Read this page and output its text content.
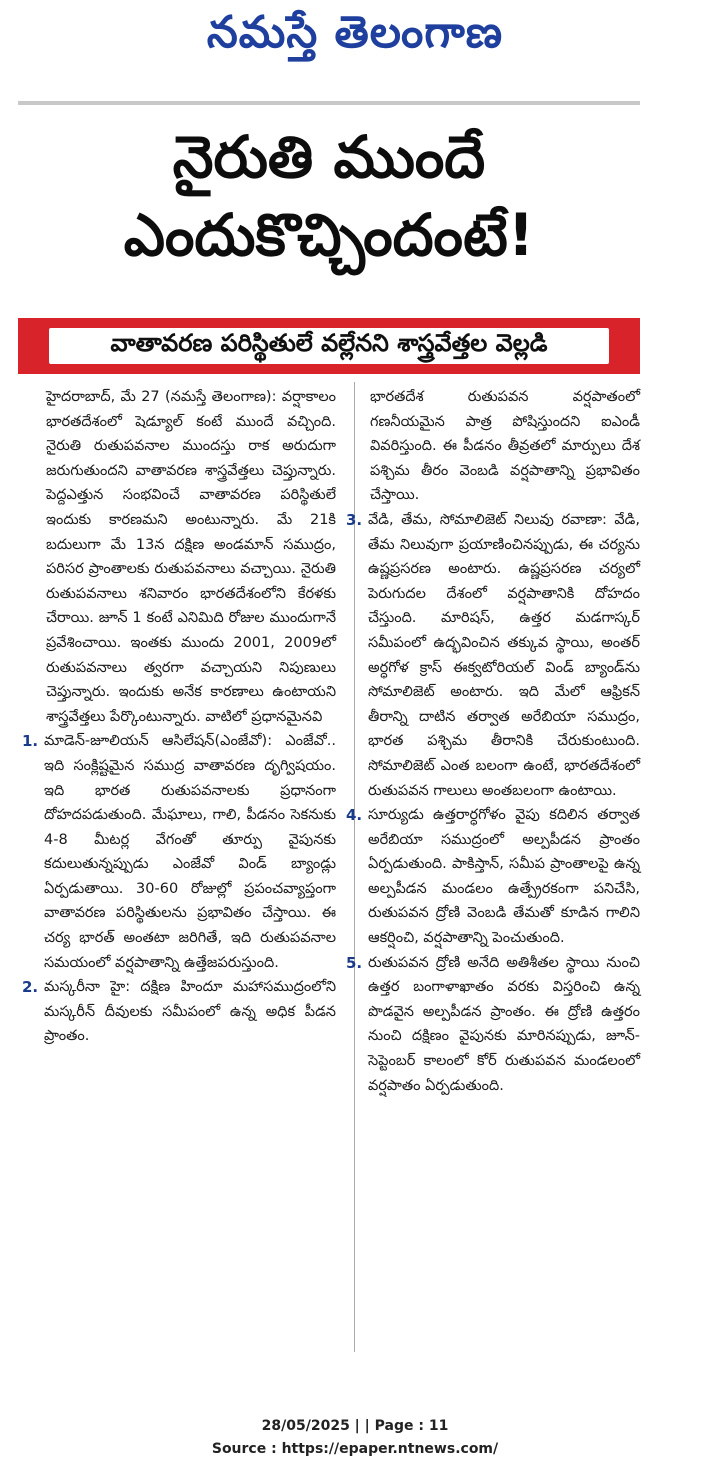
నమస్తే తెలంగాణ
నైరుతి ముందే
ఎందుకొచ్చిందంటే!
వాతావరణ పరిస్థితులే వల్లేనని శాస్త్రవేత్తల వెల్లడి

హైదరాబాద్, మే 27 (నమస్తే తెలంగాణ): వర్షాకాలం భారతదేశంలో షెడ్యూల్ కంటే ముందే వచ్చింది. నైరుతి రుతుపవనాల ముందస్తు రాక అరుదుగా జరుగుతుందని వాతావరణ శాస్త్రవేత్తలు చెప్తున్నారు. పెద్దఎత్తున సంభవించే వాతావరణ పరిస్థితులే ఇందుకు కారణమని అంటున్నారు. మే 21కి బదులుగా మే 13న దక్షిణ అండమాన్ సముద్రం, పరిసర ప్రాంతాలకు రుతుపవనాలు వచ్చాయి. నైరుతి రుతుపవనాలు శనివారం భారతదేశంలోని కేరళకు చేరాయి. జూన్ 1 కంటే ఎనిమిది రోజుల ముందుగానే ప్రవేశించాయి. ఇంతకు ముందు 2001, 2009లో రుతుపవనాలు త్వరగా వచ్చాయని నిపుణులు చెప్తున్నారు. ఇందుకు అనేక కారణాలు ఉంటాయని శాస్త్రవేత్తలు పేర్కొంటున్నారు. వాటిలో ప్రధానమైనవి

1. మాడెన్-జూలియన్ ఆసిలేషన్(ఎంజేవో): ఎంజేవో.. ఇది సంక్లిష్టమైన సముద్ర వాతావరణ దృగ్విషయం. ఇది భారత రుతుపవనాలకు ప్రధానంగా దోహదపడుతుంది. మేఘాలు, గాలి, పీడనం సెకనుకు 4-8 మీటర్ల వేగంతో తూర్పు వైపునకు కదులుతున్నప్పుడు ఎంజేవో విండ్ బ్యాండ్లు ఏర్పడుతాయి. 30-60 రోజుల్లో ప్రపంచవ్యాప్తంగా వాతావరణ పరిస్థితులను ప్రభావితం చేస్తాయి. ఈ చర్య భారత్ అంతటా జరిగితే, ఇది రుతుపవనాల సమయంలో వర్షపాతాన్ని ఉత్తేజపరుస్తుంది.
2. మస్కరీనా హై: దక్షిణ హిందూ మహాసముద్రంలోని మస్కరీన్ దీవులకు సమీపంలో ఉన్న అధిక పీడన ప్రాంతం.

భారతదేశ రుతుపవన వర్షపాతంలో గణనీయమైన పాత్ర పోషిస్తుందని ఐఎండీ వివరిస్తుంది. ఈ పీడనం తీవ్రతలో మార్పులు దేశ పశ్చిమ తీరం వెంబడి వర్షపాతాన్ని ప్రభావితం చేస్తాయి.

3. వేడి, తేమ, సోమాలిజెట్ నిలువు రవాణా: వేడి, తేమ నిలువుగా ప్రయాణించినప్పుడు, ఈ చర్యను ఉష్ణప్రసరణ అంటారు. ఉష్ణప్రసరణ చర్యలో పెరుగుదల దేశంలో వర్షపాతానికి దోహదం చేస్తుంది. మారిషస్, ఉత్తర మడగాస్కర్ సమీపంలో ఉద్భవించిన తక్కువ స్థాయి, అంతర్ అర్ధగోళ క్రాస్ ఈక్వటోరియల్ విండ్ బ్యాండ్‌ను సోమాలిజెట్ అంటారు. ఇది మేలో ఆఫ్రికన్ తీరాన్ని దాటిన తర్వాత అరేబియా సముద్రం, భారత పశ్చిమ తీరానికి చేరుకుంటుంది. సోమాలిజెట్ ఎంత బలంగా ఉంటే, భారతదేశంలో రుతుపవన గాలులు అంతబలంగా ఉంటాయి.
4. సూర్యుడు ఉత్తరార్ధగోళం వైపు కదిలిన తర్వాత అరేబియా సముద్రంలో అల్పపీడన ప్రాంతం ఏర్పడుతుంది. పాకిస్తాన్, సమీప ప్రాంతాలపై ఉన్న అల్పపీడన మండలం ఉత్ప్రేరకంగా పనిచేసి, రుతుపవన ద్రోణి వెంబడి తేమతో కూడిన గాలిని ఆకర్షించి, వర్షపాతాన్ని పెంచుతుంది.
5. రుతుపవన ద్రోణి అనేది అతిశీతల స్థాయి నుంచి ఉత్తర బంగాళాఖాతం వరకు విస్తరించి ఉన్న పొడవైన అల్పపీడన ప్రాంతం. ఈ ద్రోణి ఉత్తరం నుంచి దక్షిణం వైపునకు మారినప్పుడు, జూన్-సెప్టెంబర్ కాలంలో కోర్ రుతుపవన మండలంలో వర్షపాతం ఏర్పడుతుంది.
28/05/2025 | | Page : 11
Source : https://epaper.ntnews.com/
